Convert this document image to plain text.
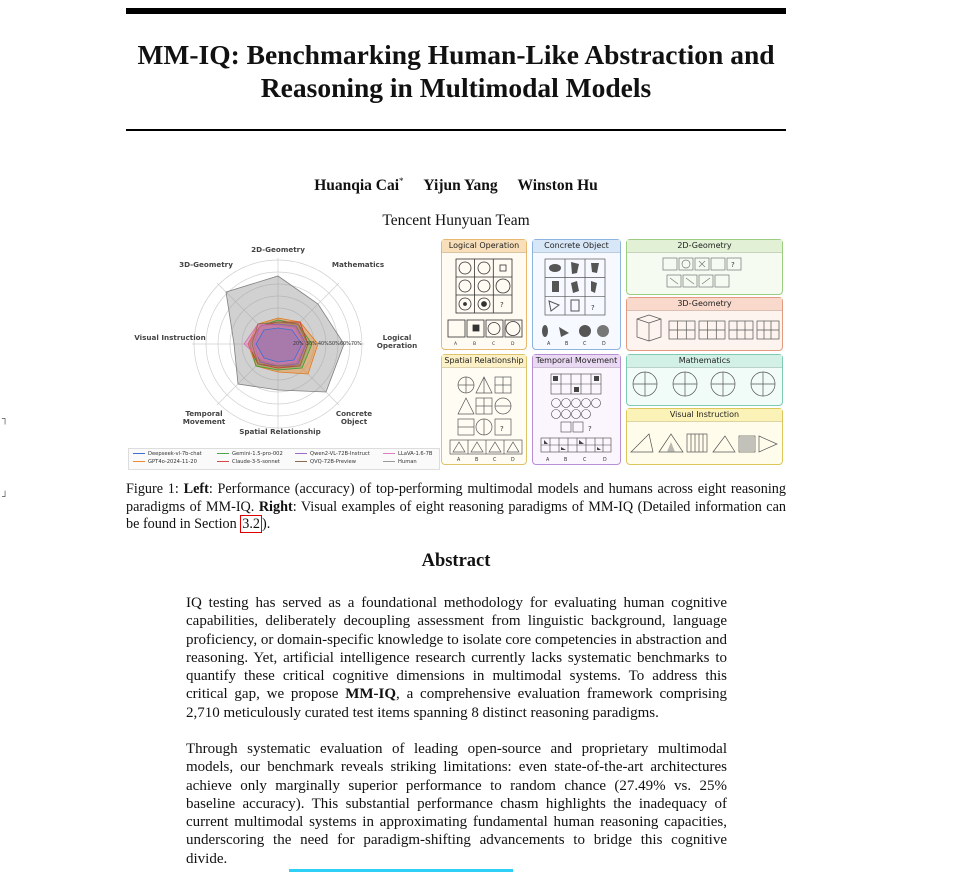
MM-IQ: Benchmarking Human-Like Abstraction and Reasoning in Multimodal Models
Huanqia Cai* Yijun Yang Winston Hu
Tencent Hunyuan Team
20% 30% 40% 50% 60% 70%
2D-Geometry
Mathematics
Logical Operation
Concrete Object
Spatial Relationship
Temporal Movement
Visual Instruction
3D-Geometry
Deepseek-vl-7b-chat	Gemini-1.5-pro-002	Qwen2-VL-72B-Instruct	LLaVA-1.6-7B
GPT4o-2024-11-20	Claude-3-5-sonnet	QVQ-72B-Preview	Human
Logical Operation
?
A	B	C	D
Concrete Object
?
A	B	C	D
2D-Geometry
?
3D-Geometry
Spatial Relationship
?
A	B	C	D
Temporal Movement
?
A	B	C	D
Mathematics
Visual Instruction

Figure 1: Left: Performance (accuracy) of top-performing multimodal models and humans across eight reasoning paradigms of MM-IQ. Right: Visual examples of eight reasoning paradigms of MM-IQ (Detailed information can be found in Section 3.2 ).

Abstract

IQ testing has served as a foundational methodology for evaluating human cognitive capabilities, deliberately decoupling assessment from linguistic background, language proficiency, or domain-specific knowledge to isolate core competencies in abstraction and reasoning. Yet, artificial intelligence research currently lacks systematic benchmarks to quantify these critical cognitive dimensions in multimodal systems. To address this critical gap, we propose MM-IQ, a comprehensive evaluation framework comprising 2,710 meticulously curated test items spanning 8 distinct reasoning paradigms.

Through systematic evaluation of leading open-source and proprietary multimodal models, our benchmark reveals striking limitations: even state-of-the-art architectures achieve only marginally superior performance to random chance (27.49% vs. 25% baseline accuracy). This substantial performance chasm highlights the inadequacy of current multimodal systems in approximating fundamental human reasoning capacities, underscoring the need for paradigm-shifting advancements to bridge this cognitive divide.

┐
┘
